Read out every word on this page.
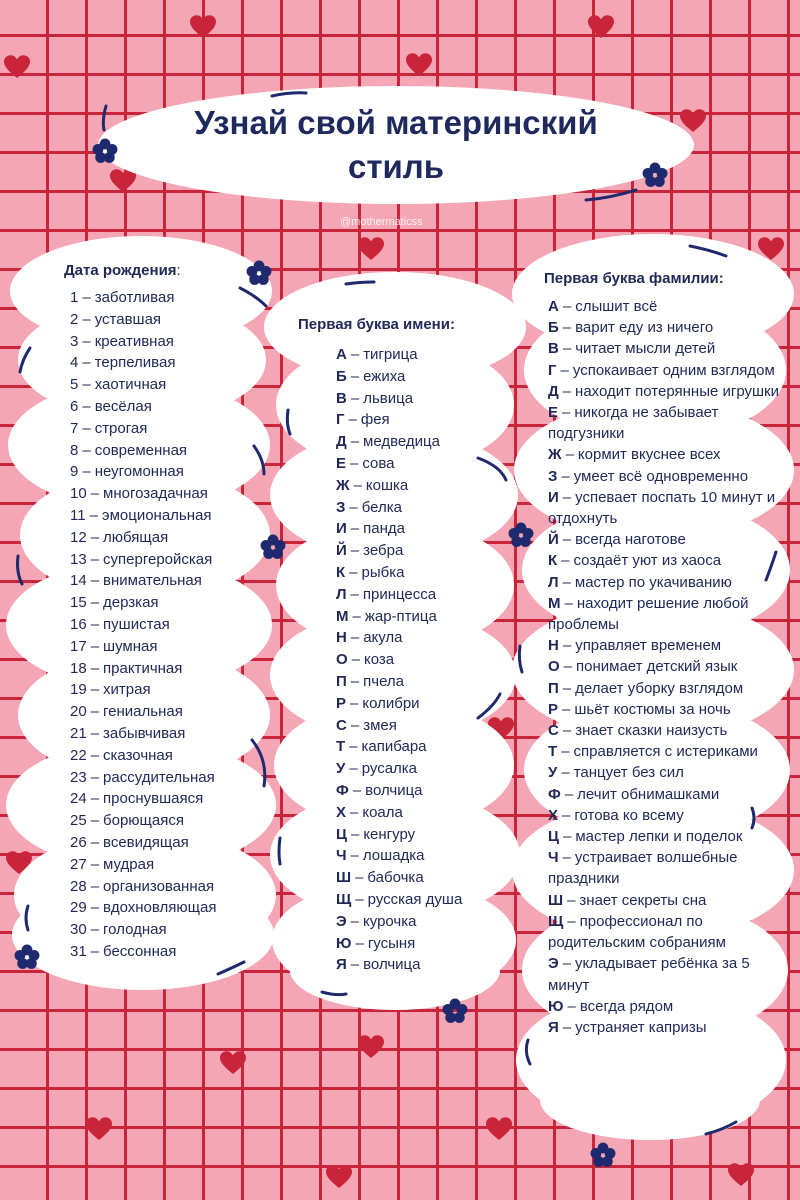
Узнай свой материнский
стиль
@mothermaticss
Дата рождения:
1 – заботливая
2 – уставшая
3 – креативная
4 – терпеливая
5 – хаотичная
6 – весёлая
7 – строгая
8 – современная
9 – неугомонная
10 – многозадачная
11 – эмоциональная
12 – любящая
13 – супергеройская
14 – внимательная
15 – дерзкая
16 – пушистая
17 – шумная
18 – практичная
19 – хитрая
20 – гениальная
21 – забывчивая
22 – сказочная
23 – рассудительная
24 – проснувшаяся
25 – борющаяся
26 – всевидящая
27 – мудрая
28 – организованная
29 – вдохновляющая
30 – голодная
31 – бессонная
Первая буква имени:
А – тигрица
Б – ежиха
В – львица
Г – фея
Д – медведица
Е – сова
Ж – кошка
З – белка
И – панда
Й – зебра
К – рыбка
Л – принцесса
М – жар-птица
Н – акула
О – коза
П – пчела
Р – колибри
С – змея
Т – капибара
У – русалка
Ф – волчица
Х – коала
Ц – кенгуру
Ч – лошадка
Ш – бабочка
Щ – русская душа
Э – курочка
Ю – гусыня
Я – волчица
Первая буква фамилии:
А – слышит всё
Б – варит еду из ничего
В – читает мысли детей
Г – успокаивает одним взглядом
Д – находит потерянные игрушки
Е – никогда не забывает подгузники
Ж – кормит вкуснее всех
З – умеет всё одновременно
И – успевает поспать 10 минут и отдохнуть
Й – всегда наготове
К – создаёт уют из хаоса
Л – мастер по укачиванию
М – находит решение любой проблемы
Н – управляет временем
О – понимает детский язык
П – делает уборку взглядом
Р – шьёт костюмы за ночь
С – знает сказки наизусть
Т – справляется с истериками
У – танцует без сил
Ф – лечит обнимашками
Х – готова ко всему
Ц – мастер лепки и поделок
Ч – устраивает волшебные праздники
Ш – знает секреты сна
Щ – профессионал по родительским собраниям
Э – укладывает ребёнка за 5 минут
Ю – всегда рядом
Я – устраняет капризы
